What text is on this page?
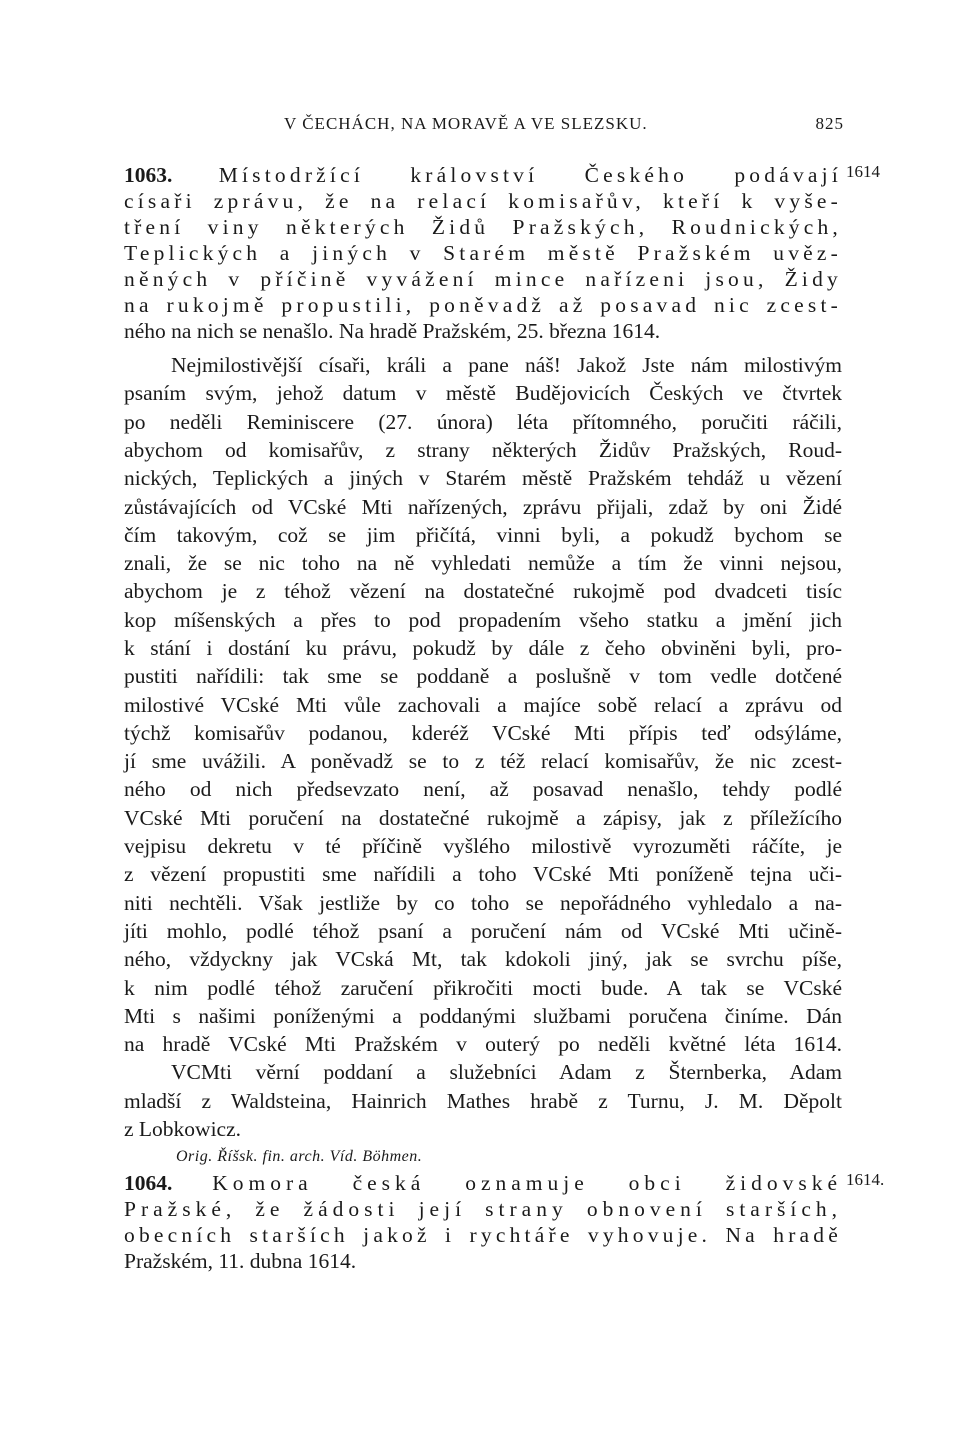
V ČECHÁCH, NA MORAVĚ A VE SLEZSKU.	825
1063. Místodržící království Českého podávají 1614
císaři zprávu, že na relací komisařův, kteří k vyše-
tření viny některých Židů Pražských, Roudnických,
Teplických a jiných v Starém městě Pražském uvěz-
něných v příčině vyvážení mince nařízeni jsou, Židy
na rukojmě propustili, poněvadž až posavad nic zcest-
ného na nich se nenašlo. Na hradě Pražském, 25. března 1614.
Nejmilostivější císaři, králi a pane náš! Jakož Jste nám milostivým
psaním svým, jehož datum v městě Budějovicích Českých ve čtvrtek
po neděli Reminiscere (27. února) léta přítomného, poručiti ráčili,
abychom od komisařův, z strany některých Židův Pražských, Roud-
nických, Teplických a jiných v Starém městě Pražském tehdáž u vězení
zůstávajících od VCské Mti nařízených, zprávu přijali, zdaž by oni Židé
čím takovým, což se jim přičítá, vinni byli, a pokudž bychom se
znali, že se nic toho na ně vyhledati nemůže a tím že vinni nejsou,
abychom je z téhož vězení na dostatečné rukojmě pod dvadceti tisíc
kop míšenských a přes to pod propadením všeho statku a jmění jich
k stání i dostání ku právu, pokudž by dále z čeho obviněni byli, pro-
pustiti nařídili: tak sme se poddaně a poslušně v tom vedle dotčené
milostivé VCské Mti vůle zachovali a majíce sobě relací a zprávu od
týchž komisařův podanou, kderéž VCské Mti přípis teď odsýláme,
jí sme uvážili. A poněvadž se to z též relací komisařův, že nic zcest-
ného od nich předsevzato není, až posavad nenašlo, tehdy podlé
VCské Mti poručení na dostatečné rukojmě a zápisy, jak z příležícího
vejpisu dekretu v té příčině vyšlého milostivě vyrozuměti ráčíte, je
z vězení propustiti sme nařídili a toho VCské Mti poníženě tejna uči-
niti nechtěli. Však jestliže by co toho se nepořádného vyhledalo a na-
jíti mohlo, podlé téhož psaní a poručení nám od VCské Mti učině-
ného, vždyckny jak VCská Mt, tak kdokoli jiný, jak se svrchu píše,
k nim podlé téhož zaručení přikročiti mocti bude. A tak se VCské
Mti s našimi poníženými a poddanými službami poručena činíme. Dán
na hradě VCské Mti Pražském v outerý po neděli květné léta 1614.
VCMti věrní poddaní a služebníci Adam z Šternberka, Adam
Orig. Říšsk. fin. arch. Víd. Böhmen.
1064. Komora česká oznamuje obci židovské 1614.
Pražské, že žádosti její strany obnovení starších,
obecních starších jakož i rychtáře vyhovuje. Na hradě
Pražském, 11. dubna 1614.
mladší z Waldsteina, Hainrich Mathes hrabě z Turnu, J. M. Děpolt
z Lobkowicz.
